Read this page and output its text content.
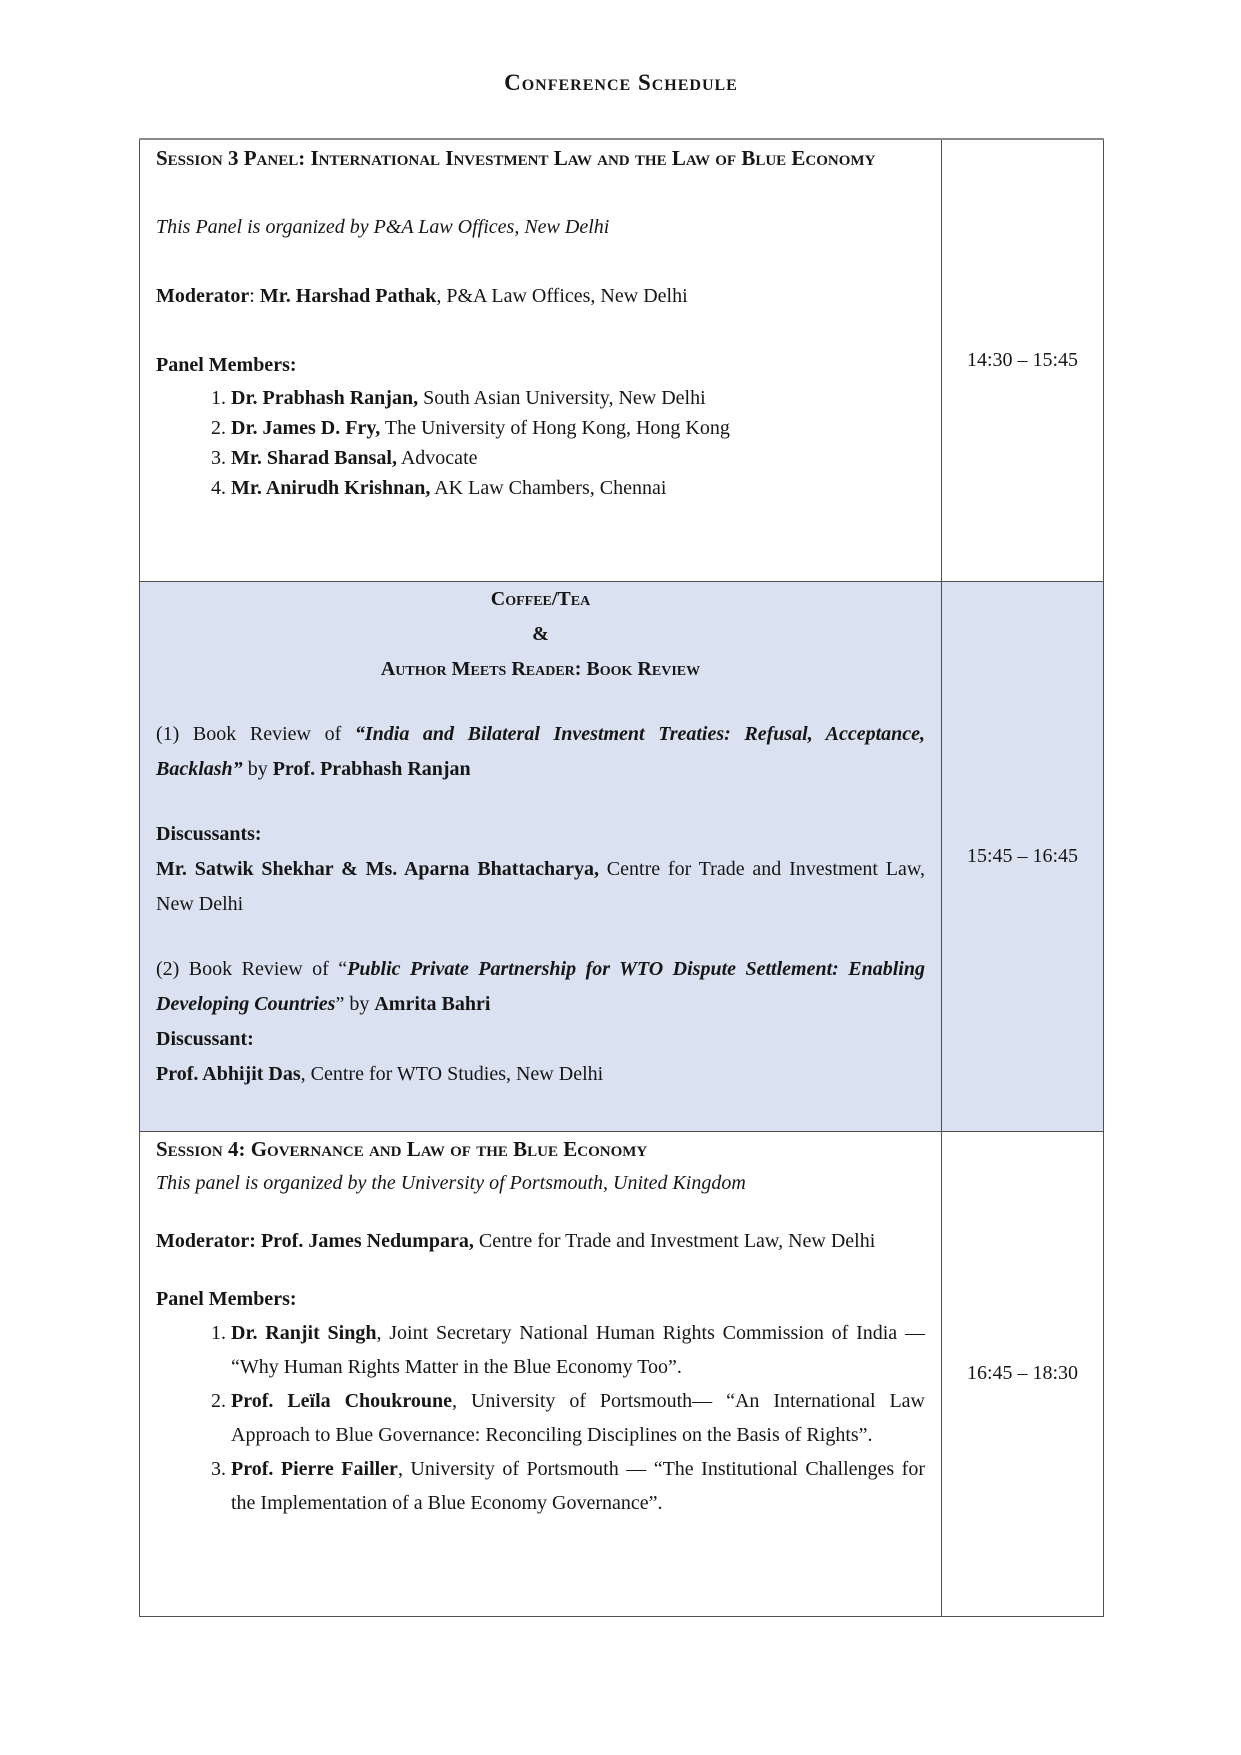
Conference Schedule
Session 3 Panel: International Investment Law and the Law of Blue Economy
This Panel is organized by P&A Law Offices, New Delhi
Moderator: Mr. Harshad Pathak, P&A Law Offices, New Delhi
Panel Members:
1. Dr. Prabhash Ranjan, South Asian University, New Delhi
2. Dr. James D. Fry, The University of Hong Kong, Hong Kong
3. Mr. Sharad Bansal, Advocate
4. Mr. Anirudh Krishnan, AK Law Chambers, Chennai

14:30 – 15:45

Coffee/Tea
&
Author Meets Reader: Book Review
(1) Book Review of “India and Bilateral Investment Treaties: Refusal, Acceptance, Backlash” by Prof. Prabhash Ranjan
Discussants:
Mr. Satwik Shekhar & Ms. Aparna Bhattacharya, Centre for Trade and Investment Law, New Delhi
(2) Book Review of “Public Private Partnership for WTO Dispute Settlement: Enabling Developing Countries” by Amrita Bahri
Discussant:
Prof. Abhijit Das, Centre for WTO Studies, New Delhi

15:45 – 16:45

Session 4: Governance and Law of the Blue Economy
This panel is organized by the University of Portsmouth, United Kingdom
Moderator: Prof. James Nedumpara, Centre for Trade and Investment Law, New Delhi
Panel Members:
1. Dr. Ranjit Singh, Joint Secretary National Human Rights Commission of India — “Why Human Rights Matter in the Blue Economy Too”.
2. Prof. Leïla Choukroune, University of Portsmouth— “An International Law Approach to Blue Governance: Reconciling Disciplines on the Basis of Rights”.
3. Prof. Pierre Failler, University of Portsmouth — “The Institutional Challenges for the Implementation of a Blue Economy Governance”.

16:45 – 18:30
